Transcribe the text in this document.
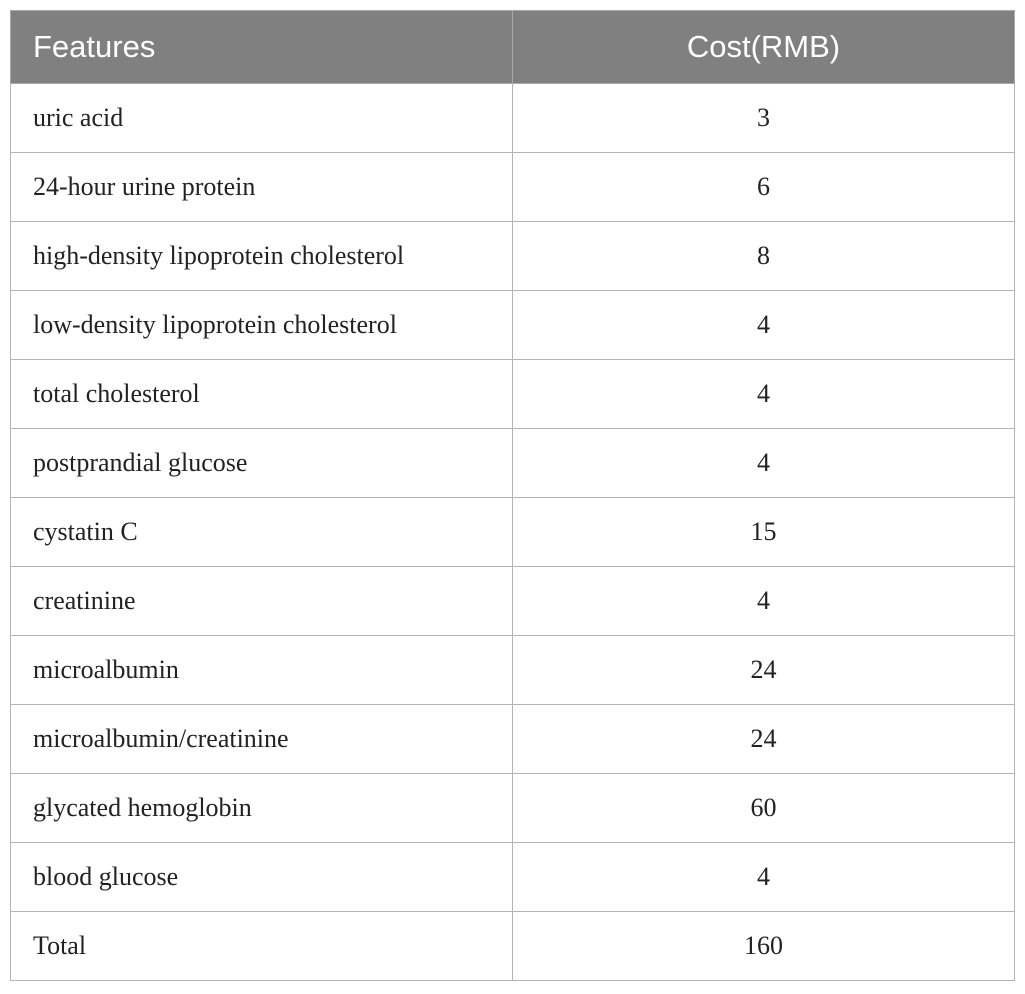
Features	Cost(RMB)
uric acid	3
24-hour urine protein	6
high-density lipoprotein cholesterol	8
low-density lipoprotein cholesterol	4
total cholesterol	4
postprandial glucose	4
cystatin C	15
creatinine	4
microalbumin	24
microalbumin/creatinine	24
glycated hemoglobin	60
blood glucose	4
Total	160
